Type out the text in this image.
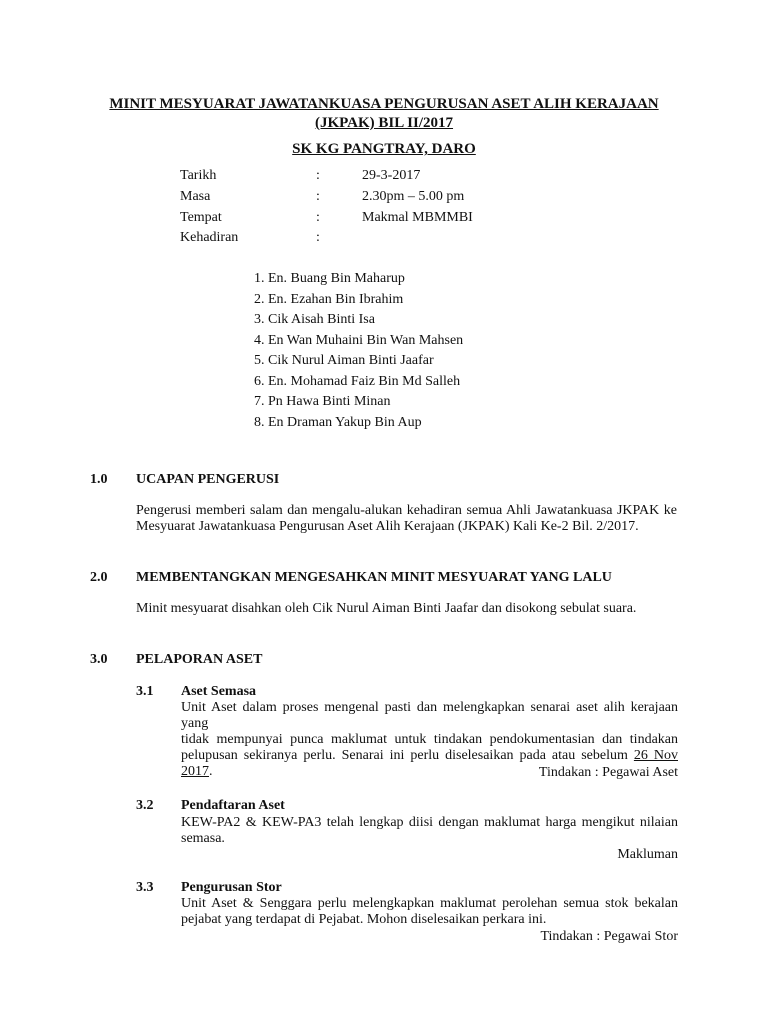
MINIT MESYUARAT JAWATANKUASA PENGURUSAN ASET ALIH KERAJAAN
(JKPAK) BIL II/2017
SK KG PANGTRAY, DARO
Tarikh	:	29-3-2017
Masa	:	2.30pm – 5.00 pm
Tempat	:	Makmal MBMMBI
Kehadiran	:
1. En. Buang Bin Maharup
2. En. Ezahan Bin Ibrahim
3. Cik Aisah Binti Isa
4. En Wan Muhaini Bin Wan Mahsen
5. Cik Nurul Aiman Binti Jaafar
6. En. Mohamad Faiz Bin Md Salleh
7. Pn Hawa Binti Minan
8. En Draman Yakup Bin Aup
1.0 UCAPAN PENGERUSI
Pengerusi memberi salam dan mengalu-alukan kehadiran semua Ahli Jawatankuasa JKPAK ke
Mesyuarat Jawatankuasa Pengurusan Aset Alih Kerajaan (JKPAK) Kali Ke-2 Bil. 2/2017.
2.0 MEMBENTANGKAN MENGESAHKAN MINIT MESYUARAT YANG LALU
Minit mesyuarat disahkan oleh Cik Nurul Aiman Binti Jaafar dan disokong sebulat suara.
3.0 PELAPORAN ASET
3.1 Aset Semasa
Unit Aset dalam proses mengenal pasti dan melengkapkan senarai aset alih kerajaan yang
tidak mempunyai punca maklumat untuk tindakan pendokumentasian dan tindakan
pelupusan sekiranya perlu. Senarai ini perlu diselesaikan pada atau sebelum 26 Nov 2017.	Tindakan : Pegawai Aset
3.2 Pendaftaran Aset
KEW-PA2 & KEW-PA3 telah lengkap diisi dengan maklumat harga mengikut nilaian
semasa.
Makluman
3.3 Pengurusan Stor
Unit Aset & Senggara perlu melengkapkan maklumat perolehan semua stok bekalan
pejabat yang terdapat di Pejabat. Mohon diselesaikan perkara ini.
Tindakan : Pegawai Stor
